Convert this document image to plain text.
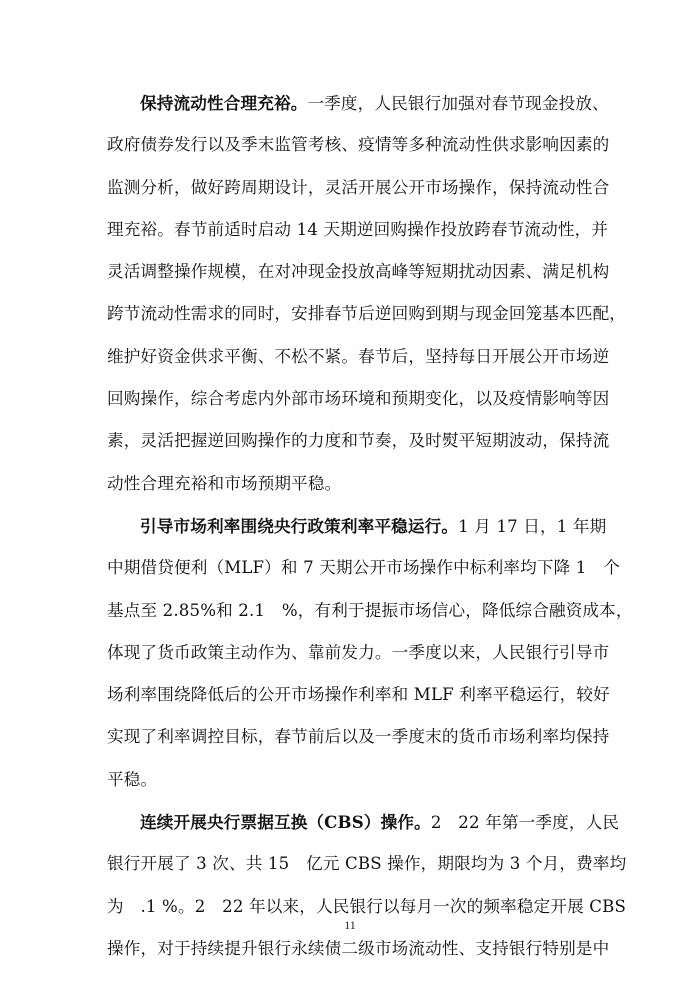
保持流动性合理充裕。一季度，人民银行加强对春节现金投放、
政府债券发行以及季末监管考核、疫情等多种流动性供求影响因素的
监测分析，做好跨周期设计，灵活开展公开市场操作，保持流动性合
理充裕。春节前适时启动 14 天期逆回购操作投放跨春节流动性，并
灵活调整操作规模，在对冲现金投放高峰等短期扰动因素、满足机构
跨节流动性需求的同时，安排春节后逆回购到期与现金回笼基本匹配，
维护好资金供求平衡、不松不紧。春节后，坚持每日开展公开市场逆
回购操作，综合考虑内外部市场环境和预期变化，以及疫情影响等因
素，灵活把握逆回购操作的力度和节奏，及时熨平短期波动，保持流
动性合理充裕和市场预期平稳。
引导市场利率围绕央行政策利率平稳运行。1 月 17 日，1 年期
中期借贷便利（MLF）和 7 天期公开市场操作中标利率均下降 1　个
基点至 2.85%和 2.1　%，有利于提振市场信心，降低综合融资成本，
体现了货币政策主动作为、靠前发力。一季度以来，人民银行引导市
场利率围绕降低后的公开市场操作利率和 MLF 利率平稳运行，较好
实现了利率调控目标，春节前后以及一季度末的货币市场利率均保持
平稳。
连续开展央行票据互换（CBS）操作。2　22 年第一季度，人民
银行开展了 3 次、共 15　亿元 CBS 操作，期限均为 3 个月，费率均
为　.1 %。2　22 年以来，人民银行以每月一次的频率稳定开展 CBS
操作，对于持续提升银行永续债二级市场流动性、支持银行特别是中
11
